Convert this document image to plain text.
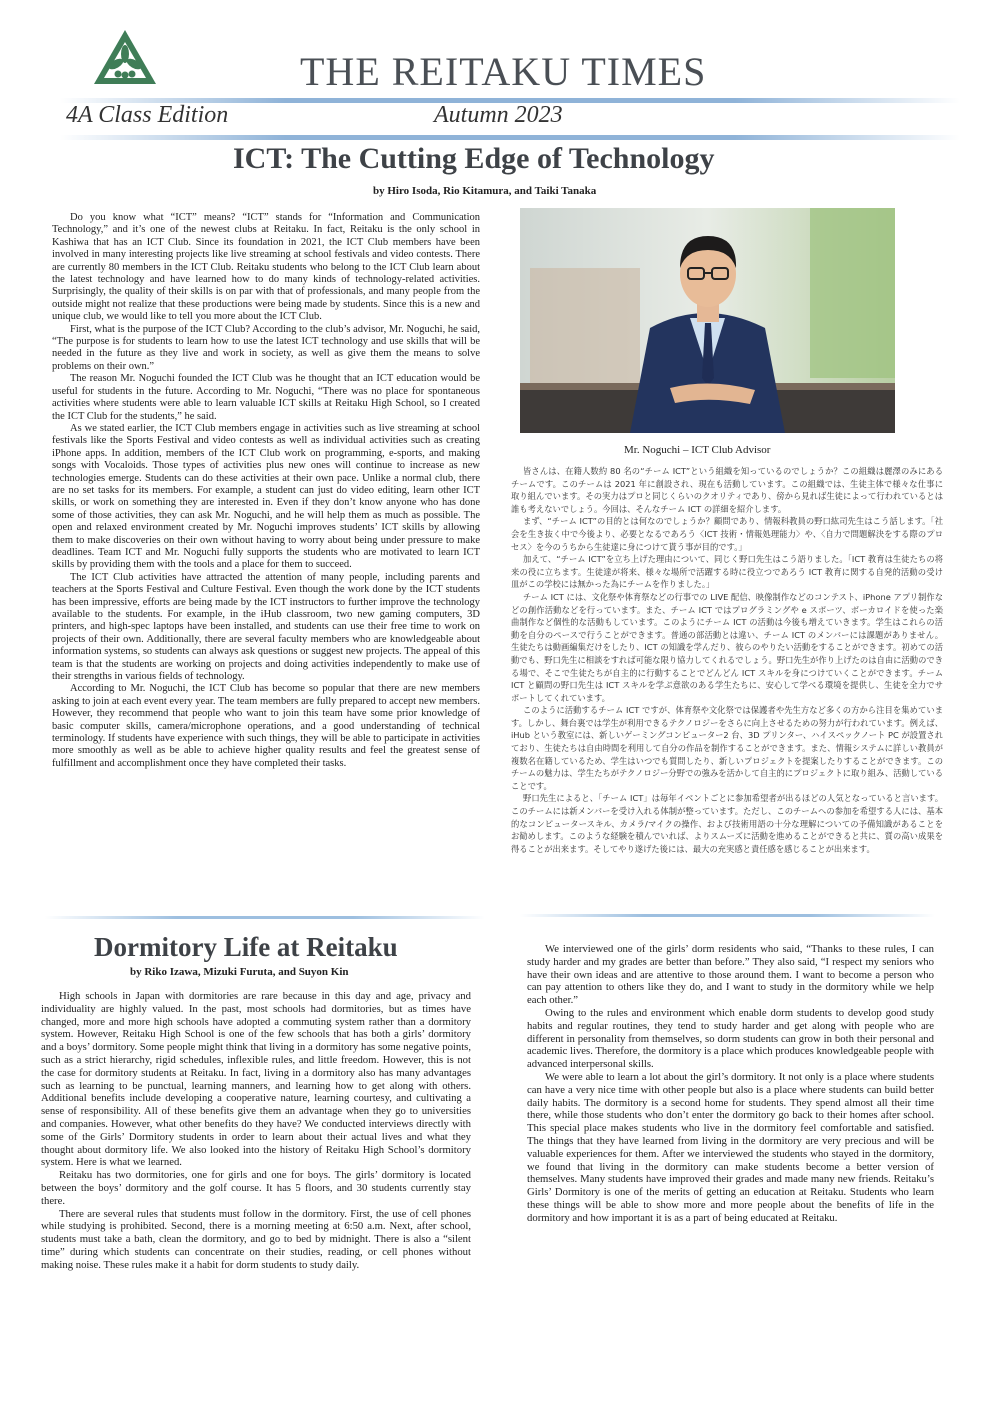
THE REITAKU TIMES
4A Class Edition	Autumn 2023
ICT: The Cutting Edge of Technology
by Hiro Isoda, Rio Kitamura, and Taiki Tanaka

Do you know what “ICT” means? “ICT” stands for “Information and Communication Technology,” and it’s one of the newest clubs at Reitaku. In fact, Reitaku is the only school in Kashiwa that has an ICT Club. Since its foundation in 2021, the ICT Club members have been involved in many interesting projects like live streaming at school festivals and video contests. There are currently 80 members in the ICT Club. Reitaku students who belong to the ICT Club learn about the latest technology and have learned how to do many kinds of technology-related activities. Surprisingly, the quality of their skills is on par with that of professionals, and many people from the outside might not realize that these productions were being made by students. Since this is a new and unique club, we would like to tell you more about the ICT Club.

First, what is the purpose of the ICT Club? According to the club’s advisor, Mr. Noguchi, he said, “The purpose is for students to learn how to use the latest ICT technology and use skills that will be needed in the future as they live and work in society, as well as give them the means to solve problems on their own.”

The reason Mr. Noguchi founded the ICT Club was he thought that an ICT education would be useful for students in the future. According to Mr. Noguchi, “There was no place for spontaneous activities where students were able to learn valuable ICT skills at Reitaku High School, so I created the ICT Club for the students,” he said.

As we stated earlier, the ICT Club members engage in activities such as live streaming at school festivals like the Sports Festival and video contests as well as individual activities such as creating iPhone apps. In addition, members of the ICT Club work on programming, e-sports, and making songs with Vocaloids. Those types of activities plus new ones will continue to increase as new technologies emerge. Students can do these activities at their own pace. Unlike a normal club, there are no set tasks for its members. For example, a student can just do video editing, learn other ICT skills, or work on something they are interested in. Even if they don’t know anyone who has done some of those activities, they can ask Mr. Noguchi, and he will help them as much as possible. The open and relaxed environment created by Mr. Noguchi improves students’ ICT skills by allowing them to make discoveries on their own without having to worry about being under pressure to make deadlines. Team ICT and Mr. Noguchi fully supports the students who are motivated to learn ICT skills by providing them with the tools and a place for them to succeed.

The ICT Club activities have attracted the attention of many people, including parents and teachers at the Sports Festival and Culture Festival. Even though the work done by the ICT students has been impressive, efforts are being made by the ICT instructors to further improve the technology available to the students. For example, in the iHub classroom, two new gaming computers, 3D printers, and high-spec laptops have been installed, and students can use their free time to work on projects of their own. Additionally, there are several faculty members who are knowledgeable about information systems, so students can always ask questions or suggest new projects. The appeal of this team is that the students are working on projects and doing activities independently to make use of their strengths in various fields of technology.

According to Mr. Noguchi, the ICT Club has become so popular that there are new members asking to join at each event every year. The team members are fully prepared to accept new members. However, they recommend that people who want to join this team have some prior knowledge of basic computer skills, camera/microphone operations, and a good understanding of technical terminology. If students have experience with such things, they will be able to participate in activities more smoothly as well as be able to achieve higher quality results and feel the greatest sense of fulfillment and accomplishment once they have completed their tasks.

Mr. Noguchi – ICT Club Advisor

皆さんは、在籍人数約 80 名の“チーム ICT”という組織を知っているのでしょうか？この組織は麗澤のみにあるチームです。このチームは 2021 年に創設され、現在も活動しています。この組織では、生徒主体で様々な仕事に取り組んでいます。その実力はプロと同じくらいのクオリティであり、傍から見れば生徒によって行われているとは誰も考えないでしょう。今回は、そんなチーム ICT の詳細を紹介します。

まず、“チーム ICT”の目的とは何なのでしょうか？顧問であり、情報科教員の野口紘司先生はこう話します。「社会を生き抜く中で今後より、必要となるであろう〈ICT 技術・情報処理能力〉や、〈自力で問題解決をする際のプロセス〉を今のうちから生徒達に身につけて貰う事が目的です。」

加えて、“チーム ICT”を立ち上げた理由について、同じく野口先生はこう語りました。「ICT 教育は生徒たちの将来の役に立ちます。生徒達が将来、様々な場所で活躍する時に役立つであろう ICT 教育に関する自発的活動の受け皿がこの学校には無かった為にチームを作りました。」

チーム ICT には、文化祭や体育祭などの行事での LIVE 配信、映像制作などのコンテスト、iPhone アプリ制作などの創作活動などを行っています。また、チーム ICT ではプログラミングや e スポーツ、ボーカロイドを使った楽曲制作など個性的な活動もしています。このようにチーム ICT の活動は今後も増えていきます。学生はこれらの活動を自分のペースで行うことができます。普通の部活動とは違い、チーム ICT のメンバーには課題がありません。生徒たちは動画編集だけをしたり、ICT の知識を学んだり、彼らのやりたい活動をすることができます。初めての活動でも、野口先生に相談をすれば可能な限り協力してくれるでしょう。野口先生が作り上げたのは自由に活動のできる場で、そこで生徒たちが自主的に行動することでどんどん ICT スキルを身につけていくことができます。チーム ICT と顧問の野口先生は ICT スキルを学ぶ意欲のある学生たちに、安心して学べる環境を提供し、生徒を全力でサポートしてくれています。

このように活動するチーム ICT ですが、体育祭や文化祭では保護者や先生方など多くの方から注目を集めています。しかし、舞台裏では学生が利用できるテクノロジーをさらに向上させるための努力が行われています。例えば、iHub という教室には、新しいゲーミングコンピューター2 台、3D プリンター、ハイスペックノート PC が設置されており、生徒たちは自由時間を利用して自分の作品を制作することができます。また、情報システムに詳しい教員が複数名在籍しているため、学生はいつでも質問したり、新しいプロジェクトを提案したりすることができます。このチームの魅力は、学生たちがテクノロジー分野での強みを活かして自主的にプロジェクトに取り組み、活動していることです。

野口先生によると、「チーム ICT」は毎年イベントごとに参加希望者が出るほどの人気となっていると言います。このチームには新メンバーを受け入れる体制が整っています。ただし、このチームへの参加を希望する人には、基本的なコンピュータースキル、カメラ/マイクの操作、および技術用語の十分な理解についての予備知識があることをお勧めします。このような経験を積んでいれば、よりスムーズに活動を進めることができると共に、質の高い成果を得ることが出来ます。そしてやり遂げた後には、最大の充実感と責任感を感じることが出来ます。

Dormitory Life at Reitaku
by Riko Izawa, Mizuki Furuta, and Suyon Kin

High schools in Japan with dormitories are rare because in this day and age, privacy and individuality are highly valued. In the past, most schools had dormitories, but as times have changed, more and more high schools have adopted a commuting system rather than a dormitory system. However, Reitaku High School is one of the few schools that has both a girls’ dormitory and a boys’ dormitory. Some people might think that living in a dormitory has some negative points, such as a strict hierarchy, rigid schedules, inflexible rules, and little freedom. However, this is not the case for dormitory students at Reitaku. In fact, living in a dormitory also has many advantages such as learning to be punctual, learning manners, and learning how to get along with others. Additional benefits include developing a cooperative nature, learning courtesy, and cultivating a sense of responsibility. All of these benefits give them an advantage when they go to universities and companies. However, what other benefits do they have? We conducted interviews directly with some of the Girls’ Dormitory students in order to learn about their actual lives and what they thought about dormitory life. We also looked into the history of Reitaku High School’s dormitory system. Here is what we learned.

Reitaku has two dormitories, one for girls and one for boys. The girls’ dormitory is located between the boys’ dormitory and the golf course. It has 5 floors, and 30 students currently stay there.

There are several rules that students must follow in the dormitory. First, the use of cell phones while studying is prohibited. Second, there is a morning meeting at 6:50 a.m. Next, after school, students must take a bath, clean the dormitory, and go to bed by midnight. There is also a “silent time” during which students can concentrate on their studies, reading, or cell phones without making noise. These rules make it a habit for dorm students to study daily.

We interviewed one of the girls’ dorm residents who said, “Thanks to these rules, I can study harder and my grades are better than before.” They also said, “I respect my seniors who have their own ideas and are attentive to those around them. I want to become a person who can pay attention to others like they do, and I want to study in the dormitory while we help each other.”

Owing to the rules and environment which enable dorm students to develop good study habits and regular routines, they tend to study harder and get along with people who are different in personality from themselves, so dorm students can grow in both their personal and academic lives. Therefore, the dormitory is a place which produces knowledgeable people with advanced interpersonal skills.

We were able to learn a lot about the girl’s dormitory. It not only is a place where students can have a very nice time with other people but also is a place where students can build better daily habits. The dormitory is a second home for students. They spend almost all their time there, while those students who don’t enter the dormitory go back to their homes after school. This special place makes students who live in the dormitory feel comfortable and satisfied. The things that they have learned from living in the dormitory are very precious and will be valuable experiences for them. After we interviewed the students who stayed in the dormitory, we found that living in the dormitory can make students become a better version of themselves. Many students have improved their grades and made many new friends. Reitaku’s Girls’ Dormitory is one of the merits of getting an education at Reitaku. Students who learn these things will be able to show more and more people about the benefits of life in the dormitory and how important it is as a part of being educated at Reitaku.
